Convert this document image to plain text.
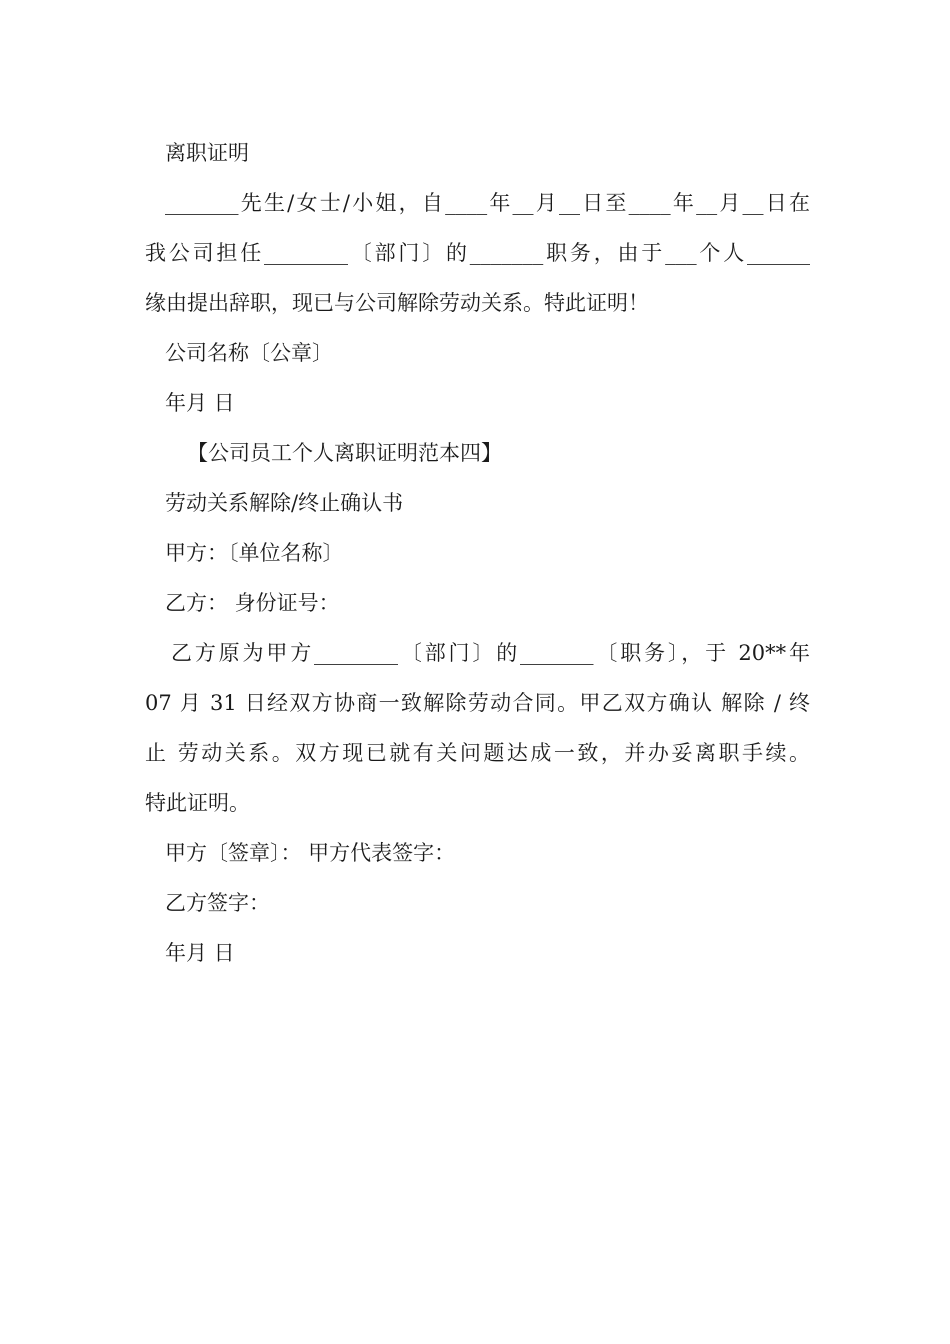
离职证明
_______先生/女士/小姐，自____年__月__日至____年__月__日在
我公司担任________〔部门〕的_______职务，由于___个人______
缘由提出辞职，现已与公司解除劳动关系。特此证明！
公司名称〔公章〕
年月 日
【公司员工个人离职证明范本四】
劳动关系解除/终止确认书
甲方：〔单位名称〕
乙方： 身份证号：
乙方原为甲方________〔部门〕的_______〔职务〕，于 20**年
07 月 31 日经双方协商一致解除劳动合同。甲乙双方确认 解除 / 终
止 劳动关系。双方现已就有关问题达成一致，并办妥离职手续。
特此证明。
甲方〔签章〕： 甲方代表签字：
乙方签字：
年月 日
